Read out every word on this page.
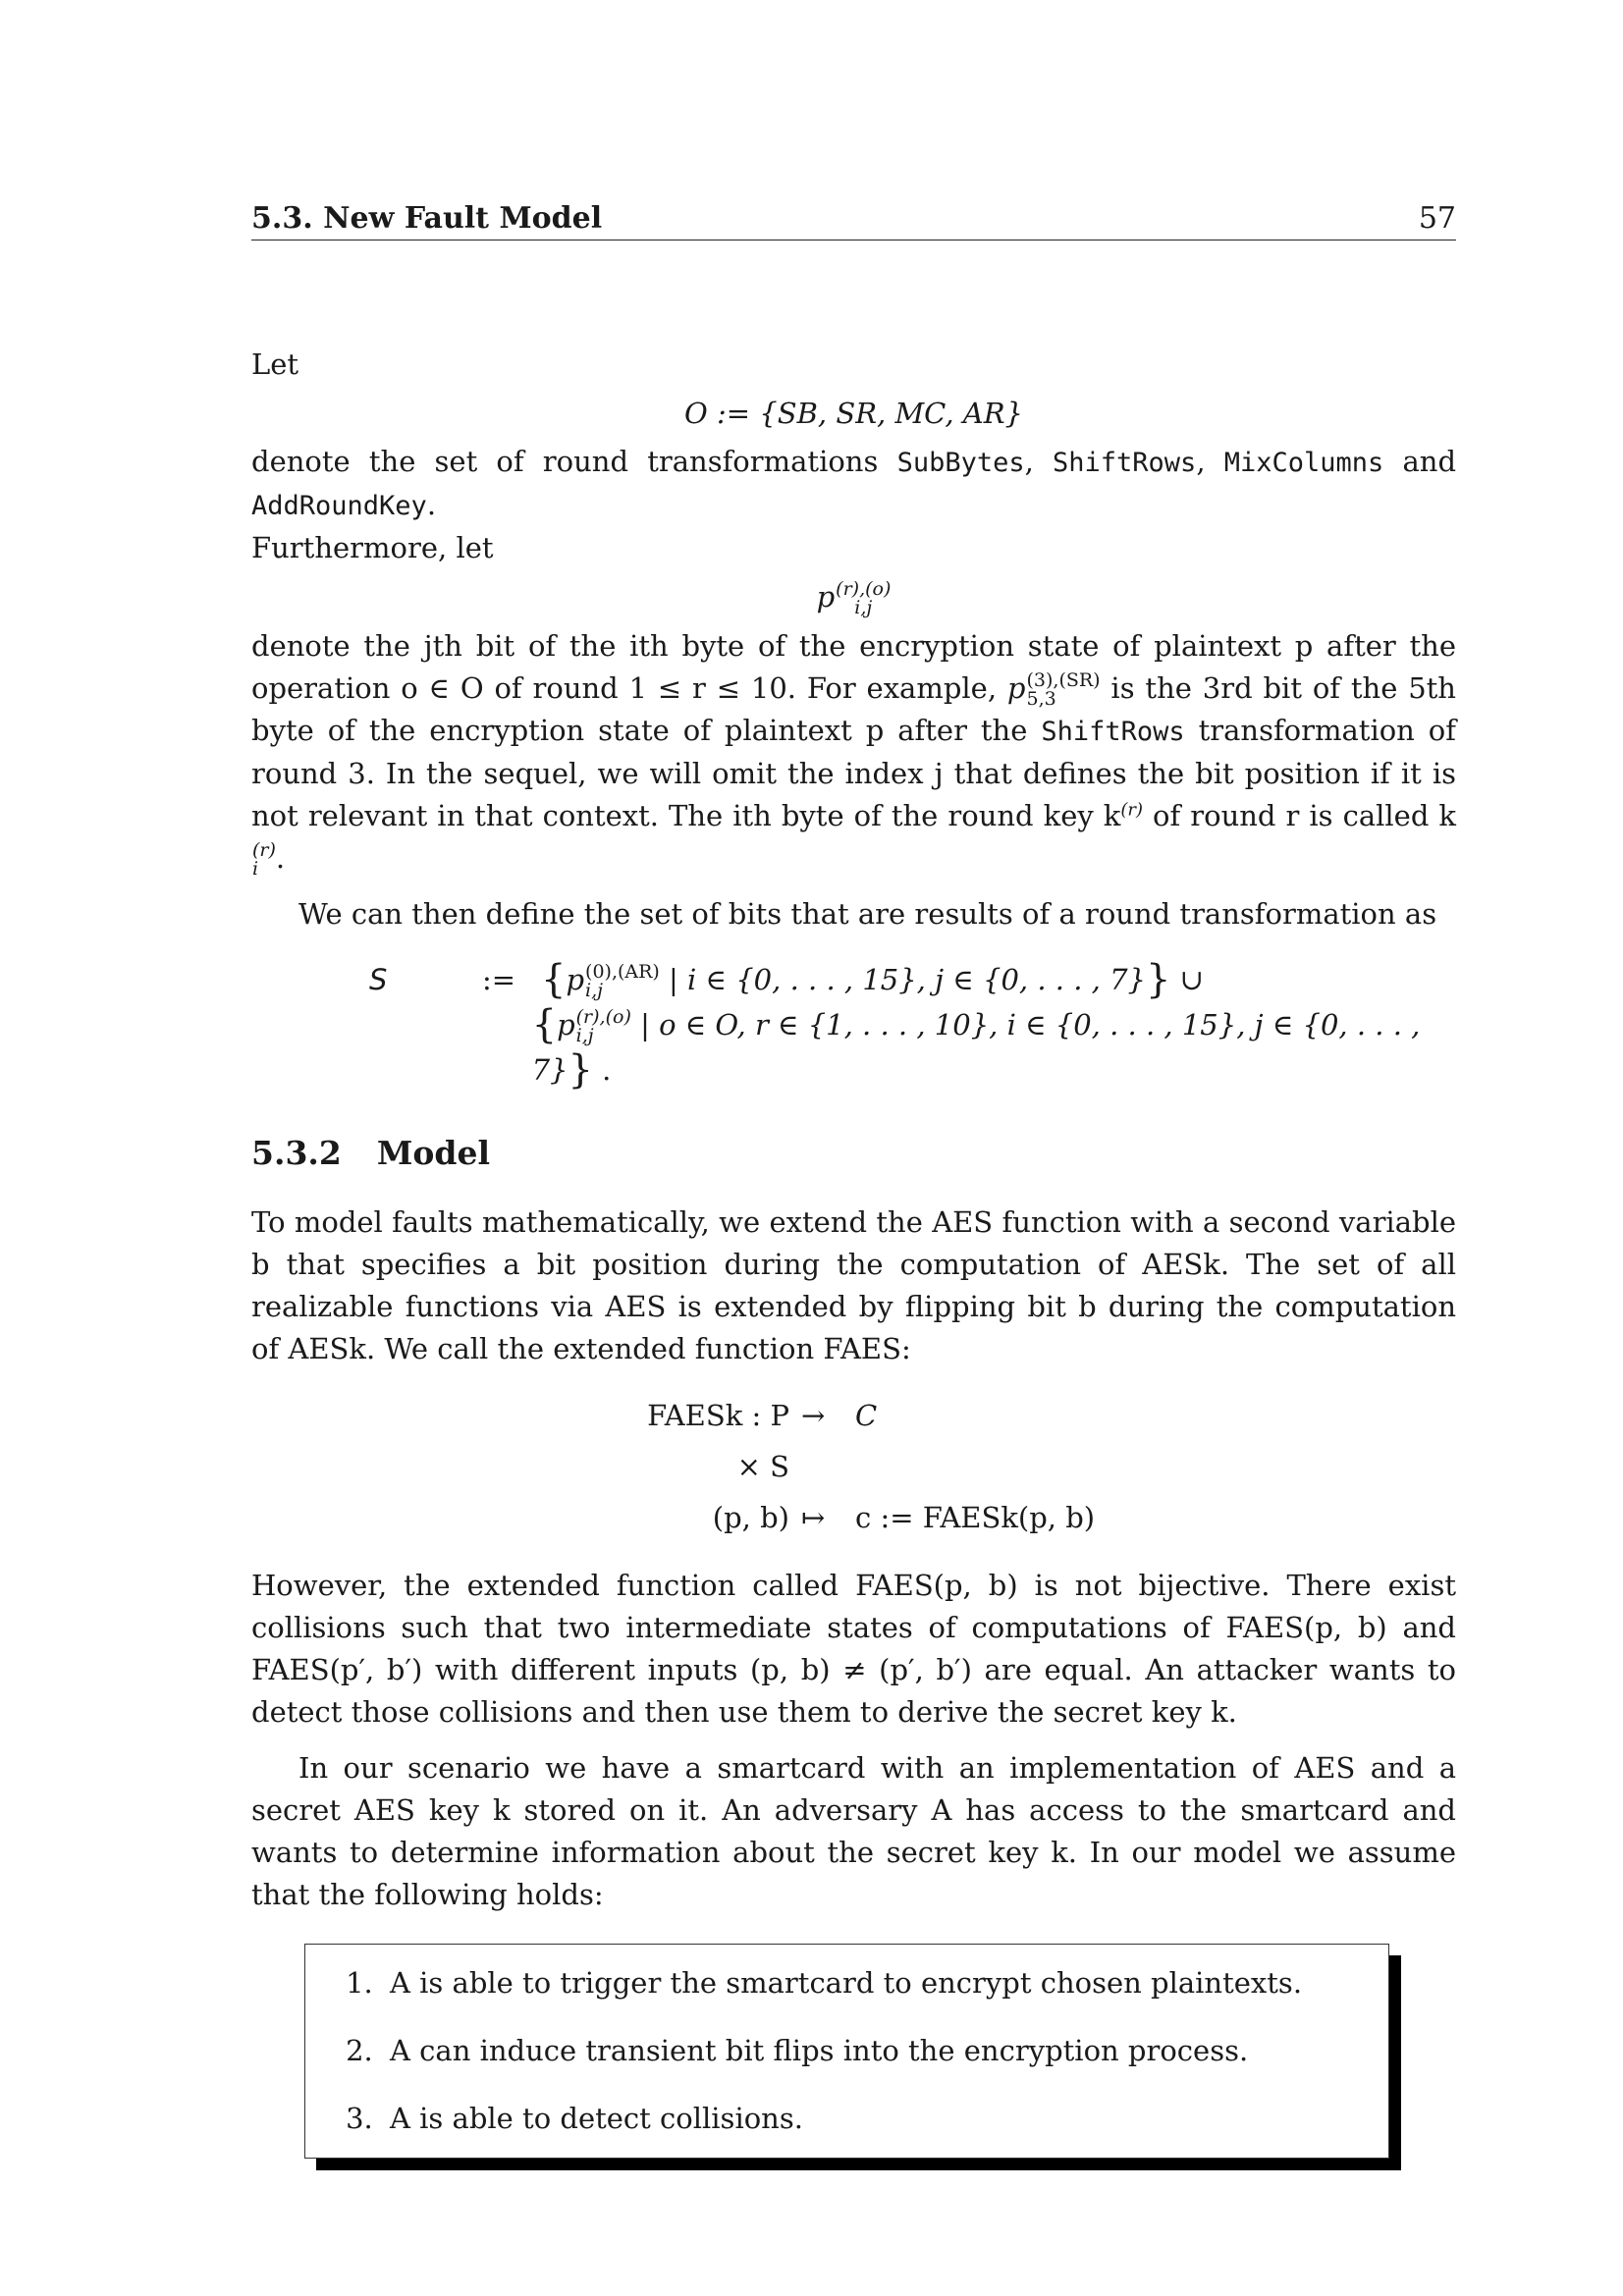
5.3. New Fault Model	57

Let

O := {SB, SR, MC, AR}

denote the set of round transformations SubBytes, ShiftRows, MixColumns and AddRoundKey.
Furthermore, let

p (r),(o)
i,j

denote the jth bit of the ith byte of the encryption state of plaintext p after the operation o ∈ O of round 1 ≤ r ≤ 10. For example, p (3),(SR)
5,3	is the 3rd bit of the 5th byte of the encryption state of plaintext p after the ShiftRows transformation of round 3. In the sequel, we will omit the index j that defines the bit position if it is not relevant in that context. The ith byte of the round key $k^{(r)}$ of round r is called k
(r)
i .

We can then define the set of bits that are results of a round transformation as

S	:= {p (0),(AR)
i,j	| i ∈ {0, . . . , 15}, j ∈ {0, . . . , 7}} ∪
{p (r),(o)
i,j	| o ∈ O, r ∈ {1, . . . , 10}, i ∈ {0, . . . , 15}, j ∈ {0, . . . , 7}} .
5.3.2 Model

To model faults mathematically, we extend the AES function with a second variable b that specifies a bit position during the computation of AESk. The set of all realizable functions via AES is extended by flipping bit b during the computation of AESk. We call the extended function FAES:

FAESk : P × S
→	C
(p, b) ↦	c := FAESk(p, b)

However, the extended function called FAES(p, b) is not bijective. There exist collisions such that two intermediate states of computations of FAES(p, b) and FAES(p′, b′) with different inputs (p, b) ≠ (p′, b′) are equal. An attacker wants to detect those collisions and then use them to derive the secret key k.

In our scenario we have a smartcard with an implementation of AES and a secret AES key k stored on it. An adversary A has access to the smartcard and wants to determine information about the secret key k. In our model we assume that the following holds:

1. A is able to trigger the smartcard to encrypt chosen plaintexts.
2. A can induce transient bit flips into the encryption process.
3. A is able to detect collisions.
